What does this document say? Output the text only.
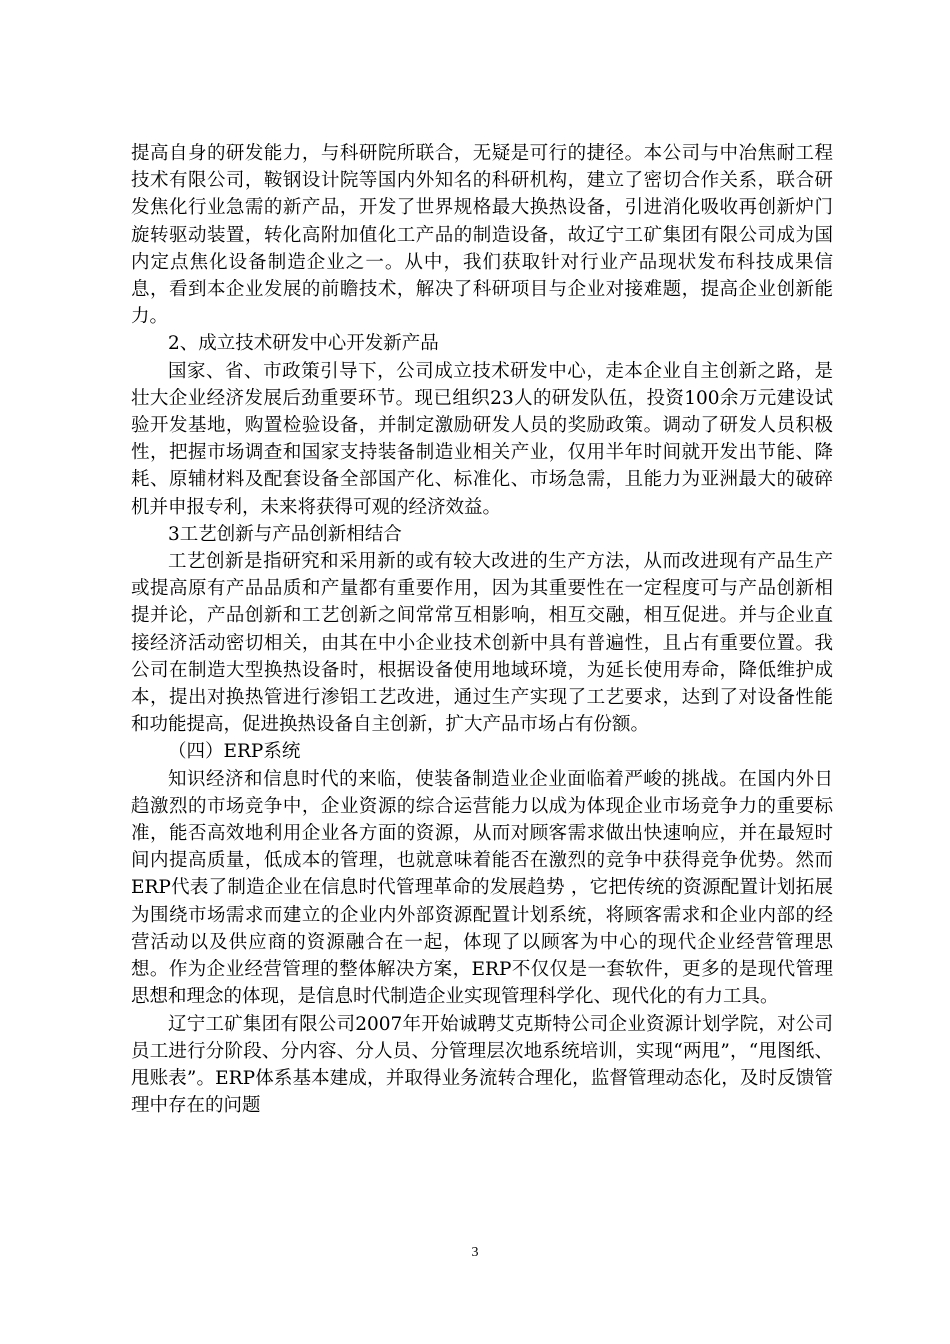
提高自身的研发能力，与科研院所联合，无疑是可行的捷径。本公司与中冶焦耐工程技术有限公司，鞍钢设计院等国内外知名的科研机构，建立了密切合作关系，联合研发焦化行业急需的新产品，开发了世界规格最大换热设备，引进消化吸收再创新炉门旋转驱动装置，转化高附加值化工产品的制造设备，故辽宁工矿集团有限公司成为国内定点焦化设备制造企业之一。从中，我们获取针对行业产品现状发布科技成果信息，看到本企业发展的前瞻技术，解决了科研项目与企业对接难题，提高企业创新能力。

2、成立技术研发中心开发新产品

国家、省、市政策引导下，公司成立技术研发中心，走本企业自主创新之路，是壮大企业经济发展后劲重要环节。现已组织23人的研发队伍，投资100余万元建设试验开发基地，购置检验设备，并制定激励研发人员的奖励政策。调动了研发人员积极性，把握市场调查和国家支持装备制造业相关产业，仅用半年时间就开发出节能、降耗、原辅材料及配套设备全部国产化、标准化、市场急需，且能力为亚洲最大的破碎机并申报专利，未来将获得可观的经济效益。

3工艺创新与产品创新相结合

工艺创新是指研究和采用新的或有较大改进的生产方法，从而改进现有产品生产或提高原有产品品质和产量都有重要作用，因为其重要性在一定程度可与产品创新相提并论，产品创新和工艺创新之间常常互相影响，相互交融，相互促进。并与企业直接经济活动密切相关，由其在中小企业技术创新中具有普遍性，且占有重要位置。我公司在制造大型换热设备时，根据设备使用地域环境，为延长使用寿命，降低维护成本，提出对换热管进行渗铝工艺改进，通过生产实现了工艺要求，达到了对设备性能和功能提高，促进换热设备自主创新，扩大产品市场占有份额。

（四）ERP系统

知识经济和信息时代的来临，使装备制造业企业面临着严峻的挑战。在国内外日趋激烈的市场竞争中，企业资源的综合运营能力以成为体现企业市场竞争力的重要标准，能否高效地利用企业各方面的资源，从而对顾客需求做出快速响应，并在最短时间内提高质量，低成本的管理，也就意味着能否在激烈的竞争中获得竞争优势。然而ERP代表了制造企业在信息时代管理革命的发展趋势 ，它把传统的资源配置计划拓展为围绕市场需求而建立的企业内外部资源配置计划系统，将顾客需求和企业内部的经营活动以及供应商的资源融合在一起，体现了以顾客为中心的现代企业经营管理思想。作为企业经营管理的整体解决方案，ERP不仅仅是一套软件，更多的是现代管理思想和理念的体现，是信息时代制造企业实现管理科学化、现代化的有力工具。

辽宁工矿集团有限公司2007年开始诚聘艾克斯特公司企业资源计划学院，对公司员工进行分阶段、分内容、分人员、分管理层次地系统培训，实现“两甩”，“甩图纸、甩账表”。ERP体系基本建成，并取得业务流转合理化，监督管理动态化，及时反馈管理中存在的问题

3
